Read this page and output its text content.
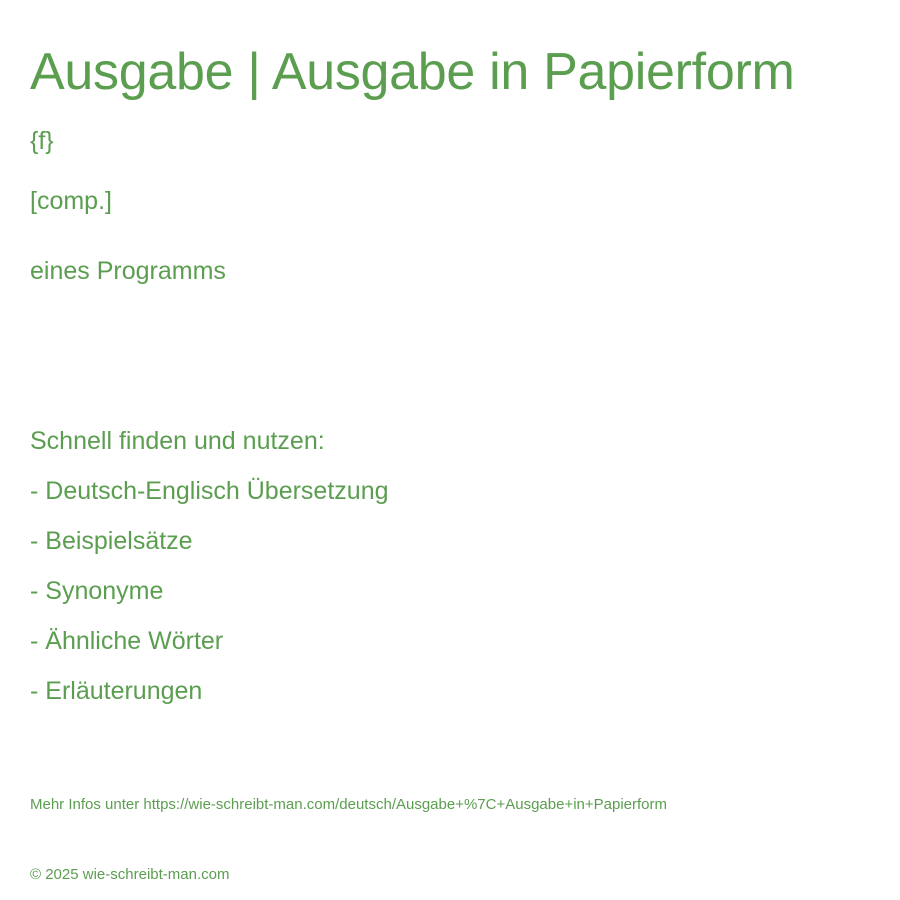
Ausgabe | Ausgabe in Papierform
{f}
[comp.]
eines Programms
Schnell finden und nutzen:
- Deutsch-Englisch Übersetzung
- Beispielsätze
- Synonyme
- Ähnliche Wörter
- Erläuterungen
Mehr Infos unter https://wie-schreibt-man.com/deutsch/Ausgabe+%7C+Ausgabe+in+Papierform
© 2025 wie-schreibt-man.com
